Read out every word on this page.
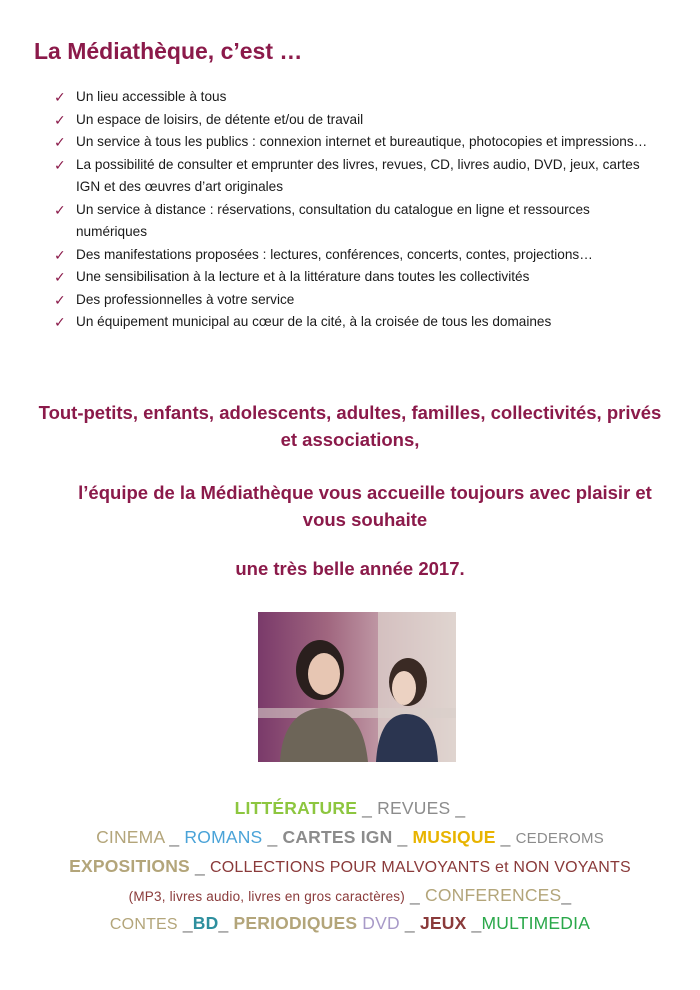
La Médiathèque, c’est …
✓ Un lieu accessible à tous
✓ Un espace de loisirs, de détente et/ou de travail
✓ Un service à tous les publics : connexion internet et bureautique, photocopies et impressions…
✓ La possibilité de consulter et emprunter des livres, revues, CD, livres audio, DVD, jeux, cartes IGN et des œuvres d’art originales
✓ Un service à distance : réservations, consultation du catalogue en ligne et ressources numériques
✓ Des manifestations proposées : lectures, conférences, concerts, contes, projections…
✓ Une sensibilisation à la lecture et à la littérature dans toutes les collectivités
✓ Des professionnelles à votre service
✓ Un équipement municipal au cœur de la cité, à la croisée de tous les domaines
Tout-petits, enfants, adolescents, adultes, familles, collectivités, privés et associations,
l’équipe de la Médiathèque vous accueille toujours avec plaisir et vous souhaite
une très belle année 2017.
LITTÉRATURE _ REVUES _
CINEMA _ ROMANS _ CARTES IGN _ MUSIQUE _ CEDEROMS
EXPOSITIONS _ COLLECTIONS POUR MALVOYANTS et NON VOYANTS
(MP3, livres audio, livres en gros caractères) _ CONFERENCES_
CONTES _BD_ PERIODIQUES DVD _ JEUX _MULTIMEDIA
